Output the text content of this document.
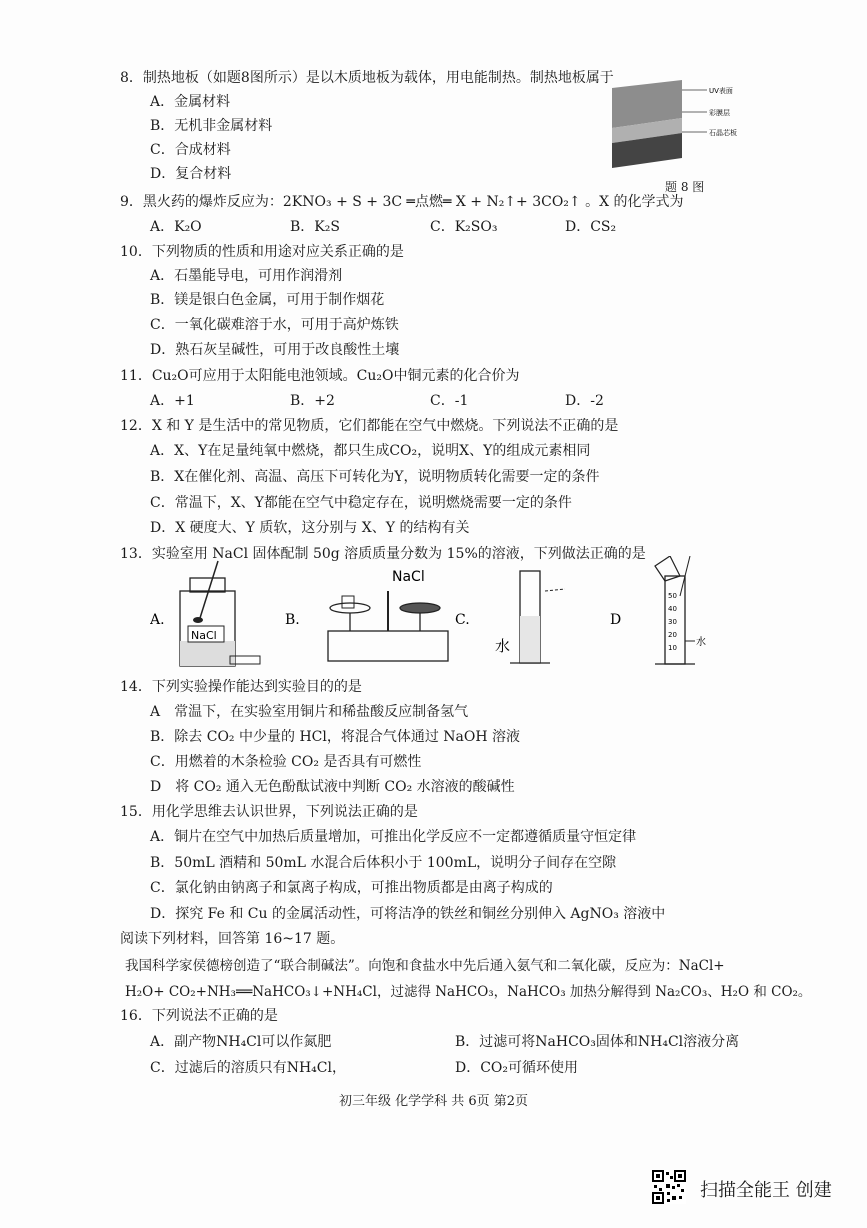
8．制热地板（如题8图所示）是以木质地板为载体，用电能制热。制热地板属于
A．金属材料
B．无机非金属材料
C．合成材料
D．复合材料
UV表面
彩膜层
石晶芯板
题 8 图
9．黑火药的爆炸反应为：2KNO₃ + S + 3C ═点燃═ X + N₂↑+ 3CO₂↑ 。X 的化学式为
A．K₂O	B．K₂S	C．K₂SO₃	D．CS₂
10．下列物质的性质和用途对应关系正确的是
A．石墨能导电，可用作润滑剂
B．镁是银白色金属，可用于制作烟花
C．一氧化碳难溶于水，可用于高炉炼铁
D．熟石灰呈碱性，可用于改良酸性土壤
11．Cu₂O可应用于太阳能电池领域。Cu₂O中铜元素的化合价为
A．+1	B．+2	C．-1	D．-2
12．X 和 Y 是生活中的常见物质，它们都能在空气中燃烧。下列说法不正确的是
A．X、Y在足量纯氧中燃烧，都只生成CO₂，说明X、Y的组成元素相同
B．X在催化剂、高温、高压下可转化为Y，说明物质转化需要一定的条件
C．常温下，X、Y都能在空气中稳定存在，说明燃烧需要一定的条件
D．X 硬度大、Y 质软，这分别与 X、Y 的结构有关
13．实验室用 NaCl 固体配制 50g 溶质质量分数为 15%的溶液，下列做法正确的是
A.
NaCl
B.
NaCl
C.
水
D
50
40
30
20
10 水
14．下列实验操作能达到实验目的的是
A　常温下，在实验室用铜片和稀盐酸反应制备氢气
B．除去 CO₂ 中少量的 HCl，将混合气体通过 NaOH 溶液
C．用燃着的木条检验 CO₂ 是否具有可燃性
D　将 CO₂ 通入无色酚酞试液中判断 CO₂ 水溶液的酸碱性
15．用化学思维去认识世界，下列说法正确的是
A．铜片在空气中加热后质量增加，可推出化学反应不一定都遵循质量守恒定律
B．50mL 酒精和 50mL 水混合后体积小于 100mL，说明分子间存在空隙
C．氯化钠由钠离子和氯离子构成，可推出物质都是由离子构成的
D．探究 Fe 和 Cu 的金属活动性，可将洁净的铁丝和铜丝分别伸入 AgNO₃ 溶液中
阅读下列材料，回答第 16~17 题。
我国科学家侯德榜创造了“联合制碱法”。向饱和食盐水中先后通入氨气和二氧化碳，反应为：NaCl+
H₂O+ CO₂+NH₃══NaHCO₃↓+NH₄Cl，过滤得 NaHCO₃，NaHCO₃ 加热分解得到 Na₂CO₃、H₂O 和 CO₂。
16．下列说法不正确的是
A．副产物NH₄Cl可以作氮肥	B．过滤可将NaHCO₃固体和NH₄Cl溶液分离
C．过滤后的溶质只有NH₄Cl，	D．CO₂可循环使用
初三年级 化学学科 共 6页 第2页
扫描全能王 创建
